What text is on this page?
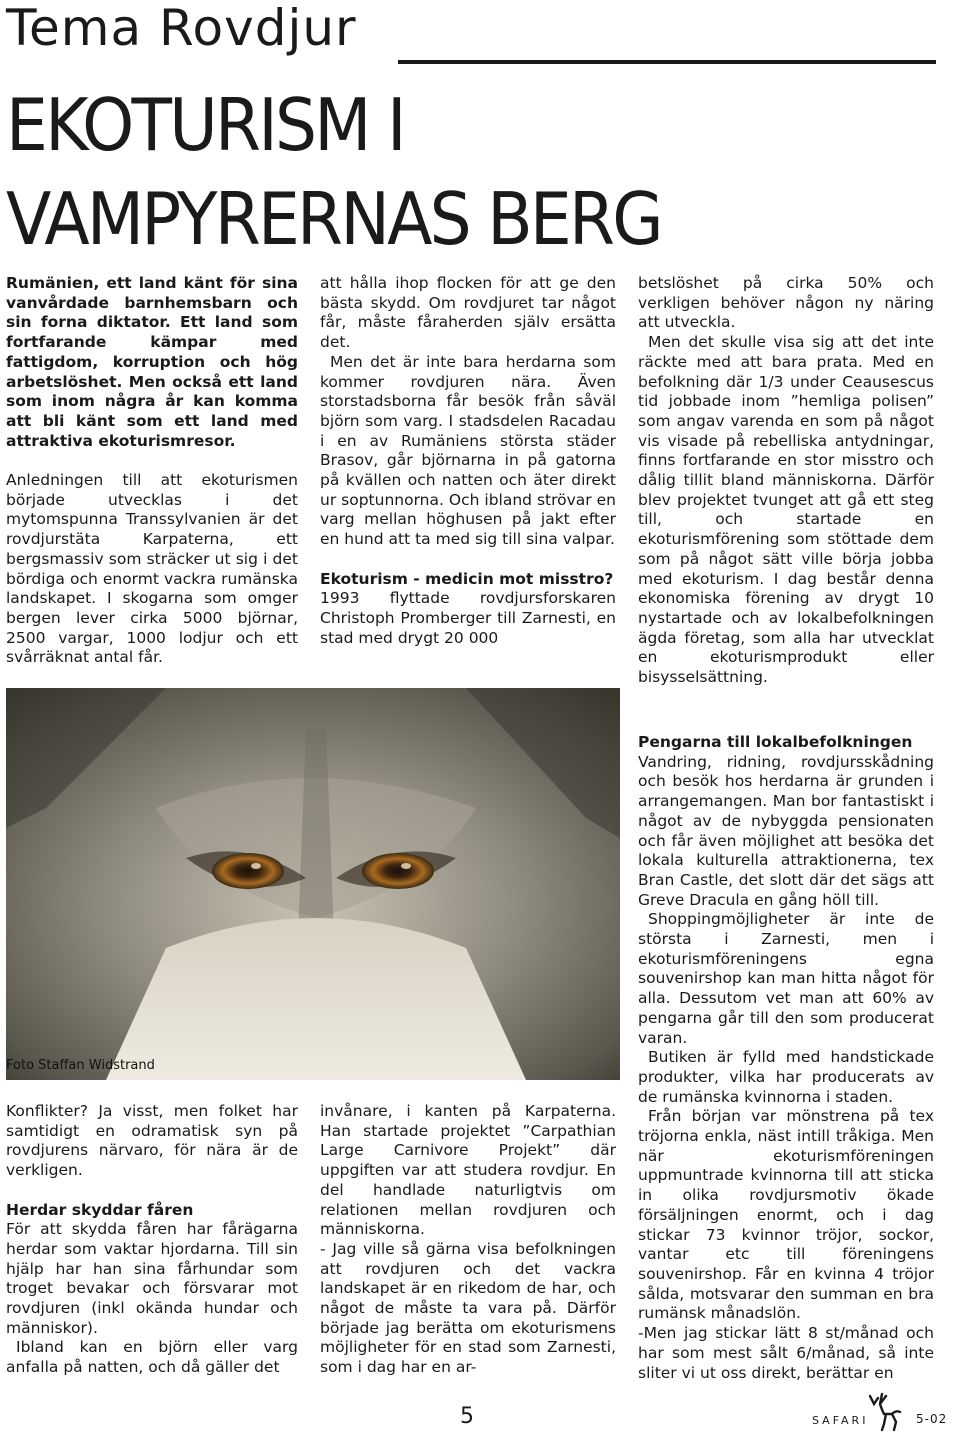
Tema Rovdjur
EKOTURISM I
VAMPYRERNAS BERG

Rumänien, ett land känt för sina vanvårdade barnhemsbarn och sin forna diktator. Ett land som fortfarande kämpar med fattigdom, korruption och hög arbetslöshet. Men också ett land som inom några år kan komma att bli känt som ett land med attraktiva ekoturismresor.

Anledningen till att ekoturismen började utvecklas i det mytomspunna Transsylvanien är det rovdjurstäta Karpaterna, ett bergsmassiv som sträcker ut sig i det bördiga och enormt vackra rumänska landskapet. I skogarna som omger bergen lever cirka 5000 björnar, 2500 vargar, 1000 lodjur och ett svårräknat antal får.

att hålla ihop flocken för att ge den bästa skydd. Om rovdjuret tar något får, måste fåraherden själv ersätta det.

Men det är inte bara herdarna som kommer rovdjuren nära. Även storstadsborna får besök från såväl björn som varg. I stadsdelen Racadau i en av Rumäniens största städer Brasov, går björnarna in på gatorna på kvällen och natten och äter direkt ur soptunnorna. Och ibland strövar en varg mellan höghusen på jakt efter en hund att ta med sig till sina valpar.

Ekoturism - medicin mot misstro?

1993 flyttade rovdjursforskaren Christoph Promberger till Zarnesti, en stad med drygt 20 000

betslöshet på cirka 50% och verkligen behöver någon ny näring att utveckla.

Men det skulle visa sig att det inte räckte med att bara prata. Med en befolkning där 1/3 under Ceausescus tid jobbade inom ”hemliga polisen” som angav varenda en som på något vis visade på rebelliska antydningar, finns fortfarande en stor misstro och dålig tillit bland människorna. Därför blev projektet tvunget att gå ett steg till, och startade en ekoturismförening som stöttade dem som på något sätt ville börja jobba med ekoturism. I dag består denna ekonomiska förening av drygt 10 nystartade och av lokalbefolkningen ägda företag, som alla har utvecklat en ekoturismprodukt eller bisysselsättning.

Foto Staffan Widstrand

Konflikter? Ja visst, men folket har samtidigt en odramatisk syn på rovdjurens närvaro, för nära är de verkligen.

Herdar skyddar fåren

För att skydda fåren har fårägarna herdar som vaktar hjordarna. Till sin hjälp har han sina fårhundar som troget bevakar och försvarar mot rovdjuren (inkl okända hundar och människor).

Ibland kan en björn eller varg anfalla på natten, och då gäller det

invånare, i kanten på Karpaterna. Han startade projektet ”Carpathian Large Carnivore Projekt” där uppgiften var att studera rovdjur. En del handlade naturligtvis om relationen mellan rovdjuren och människorna.

- Jag ville så gärna visa befolkningen att rovdjuren och det vackra landskapet är en rikedom de har, och något de måste ta vara på. Därför började jag berätta om ekoturismens möjligheter för en stad som Zarnesti, som i dag har en ar-

Pengarna till lokalbefolkningen

Vandring, ridning, rovdjursskådning och besök hos herdarna är grunden i arrangemangen. Man bor fantastiskt i något av de nybyggda pensionaten och får även möjlighet att besöka det lokala kulturella attraktionerna, tex Bran Castle, det slott där det sägs att Greve Dracula en gång höll till.

Shoppingmöjligheter är inte de största i Zarnesti, men i ekoturismföreningens egna souvenirshop kan man hitta något för alla. Dessutom vet man att 60% av pengarna går till den som producerat varan.

Butiken är fylld med handstickade produkter, vilka har producerats av de rumänska kvinnorna i staden.

Från början var mönstrena på tex tröjorna enkla, näst intill tråkiga. Men när ekoturismföreningen uppmuntrade kvinnorna till att sticka in olika rovdjursmotiv ökade försäljningen enormt, och i dag stickar 73 kvinnor tröjor, sockor, vantar etc till föreningens souvenirshop. Får en kvinna 4 tröjor sålda, motsvarar den summan en bra rumänsk månadslön.

-Men jag stickar lätt 8 st/månad och har som mest sålt 6/månad, så inte sliter vi ut oss direkt, berättar en

5	SAFARI	5-02
